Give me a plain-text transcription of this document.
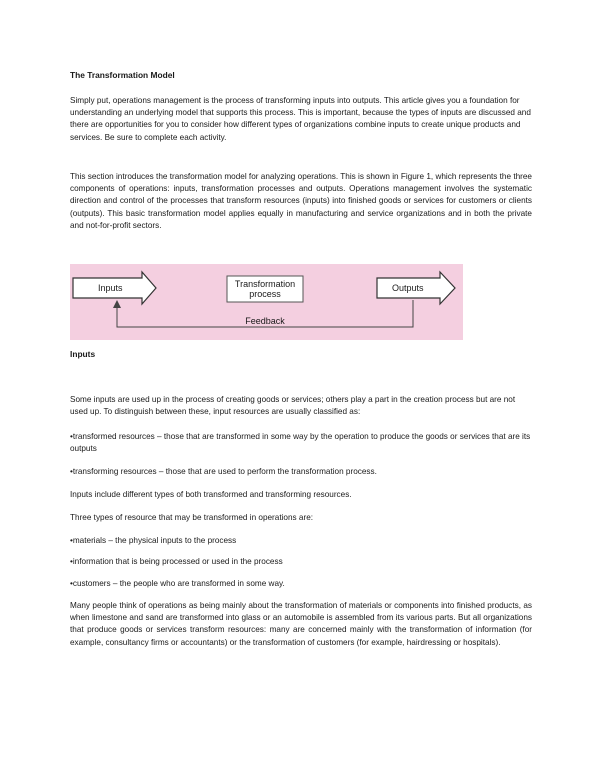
The Transformation Model

Simply put, operations management is the process of transforming inputs into outputs. This article gives you a foundation for understanding an underlying model that supports this process. This is important, because the types of inputs are discussed and there are opportunities for you to consider how different types of organizations combine inputs to create unique products and services. Be sure to complete each activity.

This section introduces the transformation model for analyzing operations. This is shown in Figure 1, which represents the three components of operations: inputs, transformation processes and outputs. Operations management involves the systematic direction and control of the processes that transform resources (inputs) into finished goods or services for customers or clients (outputs). This basic transformation model applies equally in manufacturing and service organizations and in both the private and not-for-profit sectors.

Inputs

Some inputs are used up in the process of creating goods or services; others play a part in the creation process but are not used up. To distinguish between these, input resources are usually classified as:

•transformed resources – those that are transformed in some way by the operation to produce the goods or services that are its outputs

•transforming resources – those that are used to perform the transformation process.

Inputs include different types of both transformed and transforming resources.

Three types of resource that may be transformed in operations are:

•materials – the physical inputs to the process

•information that is being processed or used in the process

•customers – the people who are transformed in some way.

Many people think of operations as being mainly about the transformation of materials or components into finished products, as when limestone and sand are transformed into glass or an automobile is assembled from its various parts. But all organizations that produce goods or services transform resources: many are concerned mainly with the transformation of information (for example, consultancy firms or accountants) or the transformation of customers (for example, hairdressing or hospitals).

Inputs	Transformation
process
Outputs
Feedback
